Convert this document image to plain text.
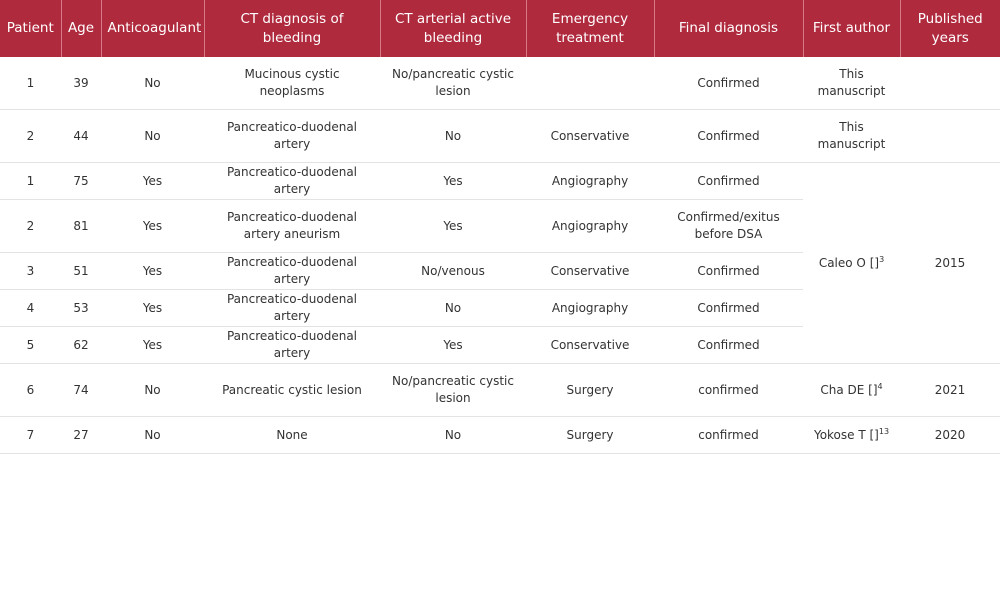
Patient	Age	Anticoagulant	CT diagnosis of bleeding	CT arterial active bleeding	Emergency treatment	Final diagnosis	First author	Published years
1	39	No	Mucinous cystic neoplasms	No/pancreatic cystic lesion		Confirmed	This manuscript	
2	44	No	Pancreatico-duodenal artery	No	Conservative	Confirmed	This manuscript	
1	75	Yes	Pancreatico-duodenal artery	Yes	Angiography	Confirmed	Caleo O []$^3$	2015
2	81	Yes	Pancreatico-duodenal artery aneurism	Yes	Angiography	Confirmed/exitus before DSA		
3	51	Yes	Pancreatico-duodenal artery	No/venous	Conservative	Confirmed		
4	53	Yes	Pancreatico-duodenal artery	No	Angiography	Confirmed		
5	62	Yes	Pancreatico-duodenal artery	Yes	Conservative	Confirmed		
6	74	No	Pancreatic cystic lesion	No/pancreatic cystic lesion	Surgery	confirmed	Cha DE []$^4$	2021
7	27	No	None	No	Surgery	confirmed	Yokose T []$^{13}$	2020
